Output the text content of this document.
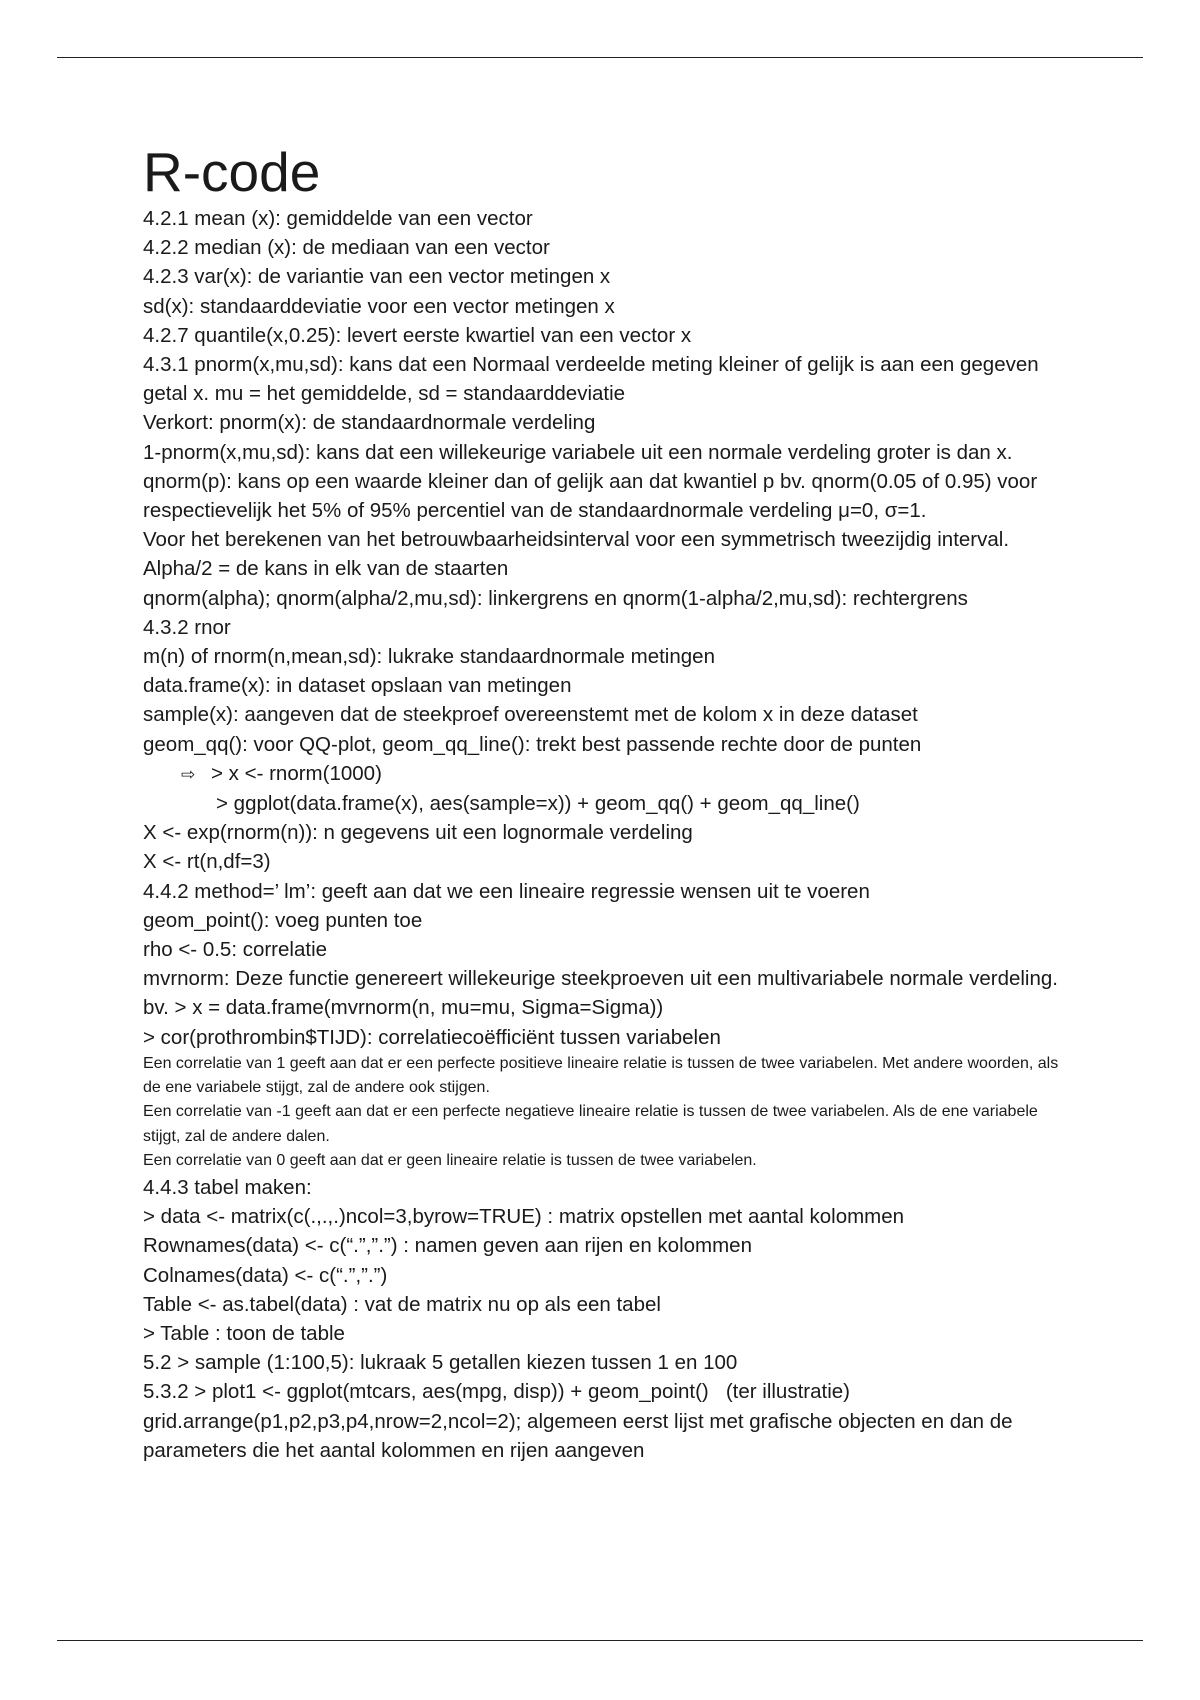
R-code

4.2.1 mean (x): gemiddelde van een vector

4.2.2 median (x): de mediaan van een vector

4.2.3 var(x): de variantie van een vector metingen x

sd(x): standaarddeviatie voor een vector metingen x

4.2.7 quantile(x,0.25): levert eerste kwartiel van een vector x

4.3.1 pnorm(x,mu,sd): kans dat een Normaal verdeelde meting kleiner of gelijk is aan een gegeven getal x. mu = het gemiddelde, sd = standaarddeviatie

Verkort: pnorm(x): de standaardnormale verdeling

1-pnorm(x,mu,sd): kans dat een willekeurige variabele uit een normale verdeling groter is dan x.

qnorm(p): kans op een waarde kleiner dan of gelijk aan dat kwantiel p bv. qnorm(0.05 of 0.95) voor respectievelijk het 5% of 95% percentiel van de standaardnormale verdeling μ=0, σ=1.

Voor het berekenen van het betrouwbaarheidsinterval voor een symmetrisch tweezijdig interval. Alpha/2 = de kans in elk van de staarten

qnorm(alpha); qnorm(alpha/2,mu,sd): linkergrens en qnorm(1-alpha/2,mu,sd): rechtergrens

4.3.2 rnor

m(n) of rnorm(n,mean,sd): lukrake standaardnormale metingen

data.frame(x): in dataset opslaan van metingen

sample(x): aangeven dat de steekproef overeenstemt met de kolom x in deze dataset

geom_qq(): voor QQ-plot, geom_qq_line(): trekt best passende rechte door de punten

⇨ > x <- rnorm(1000)

> ggplot(data.frame(x), aes(sample=x)) + geom_qq() + geom_qq_line()

X <- exp(rnorm(n)): n gegevens uit een lognormale verdeling

X <- rt(n,df=3)

4.4.2 method=’ lm’: geeft aan dat we een lineaire regressie wensen uit te voeren

geom_point(): voeg punten toe

rho <- 0.5: correlatie

mvrnorm: Deze functie genereert willekeurige steekproeven uit een multivariabele normale verdeling. bv. > x = data.frame(mvrnorm(n, mu=mu, Sigma=Sigma))

> cor(prothrombin$TIJD): correlatiecoëfficiënt tussen variabelen

Een correlatie van 1 geeft aan dat er een perfecte positieve lineaire relatie is tussen de twee variabelen. Met andere woorden, als de ene variabele stijgt, zal de andere ook stijgen.

Een correlatie van -1 geeft aan dat er een perfecte negatieve lineaire relatie is tussen de twee variabelen. Als de ene variabele stijgt, zal de andere dalen.

Een correlatie van 0 geeft aan dat er geen lineaire relatie is tussen de twee variabelen.

4.4.3 tabel maken:

> data <- matrix(c(.,.,.)ncol=3,byrow=TRUE) : matrix opstellen met aantal kolommen

Rownames(data) <- c(“.”,”.”) : namen geven aan rijen en kolommen

Colnames(data) <- c(“.”,”.”)

Table <- as.tabel(data) : vat de matrix nu op als een tabel

> Table : toon de table

5.2 > sample (1:100,5): lukraak 5 getallen kiezen tussen 1 en 100

5.3.2 > plot1 <- ggplot(mtcars, aes(mpg, disp)) + geom_point()   (ter illustratie)

grid.arrange(p1,p2,p3,p4,nrow=2,ncol=2); algemeen eerst lijst met grafische objecten en dan de parameters die het aantal kolommen en rijen aangeven
